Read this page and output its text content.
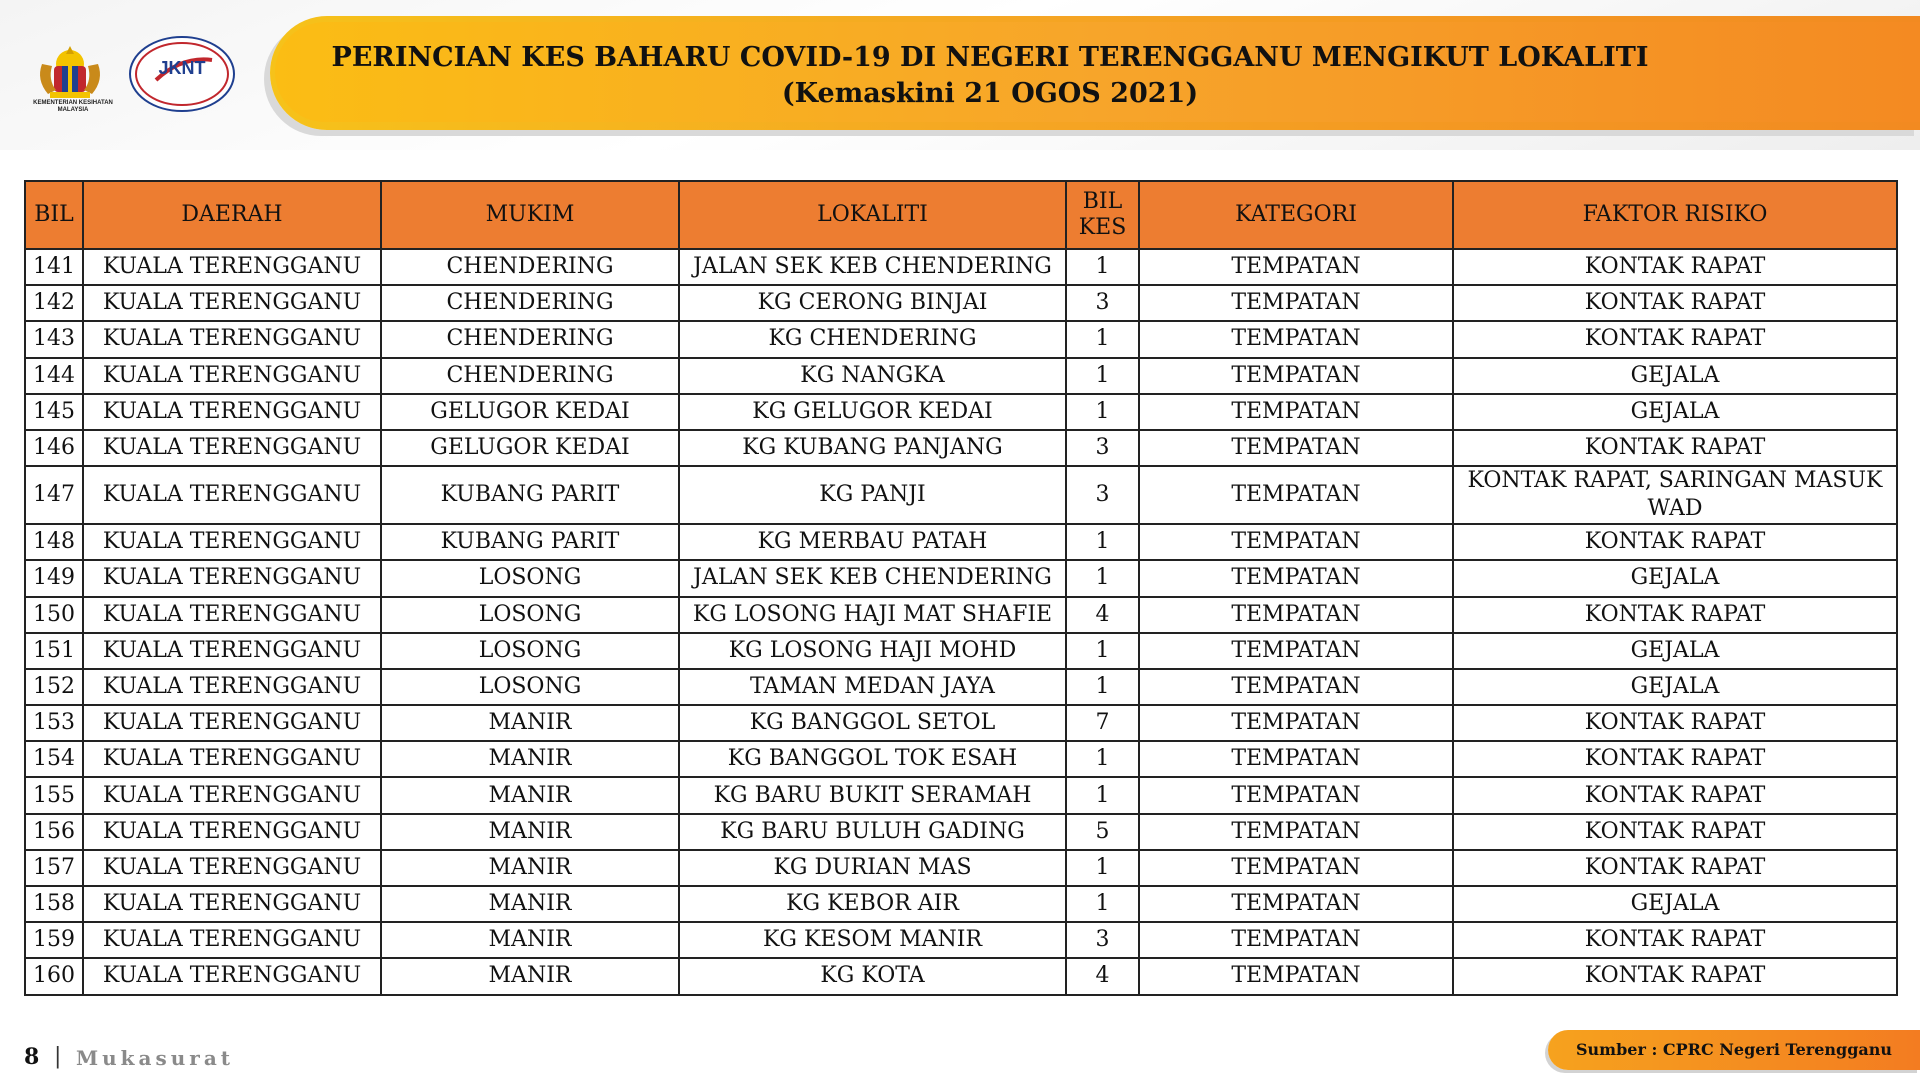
KEMENTERIAN KESIHATAN MALAYSIA
JKNT	PERINCIAN KES BAHARU COVID-19 DI NEGERI TERENGGANU MENGIKUT LOKALITI
(Kemaskini 21 OGOS 2021)
BIL	DAERAH	MUKIM	LOKALITI	BIL KES	KATEGORI	FAKTOR RISIKO
141	KUALA TERENGGANU	CHENDERING	JALAN SEK KEB CHENDERING	1	TEMPATAN	KONTAK RAPAT
142	KUALA TERENGGANU	CHENDERING	KG CERONG BINJAI	3	TEMPATAN	KONTAK RAPAT
143	KUALA TERENGGANU	CHENDERING	KG CHENDERING	1	TEMPATAN	KONTAK RAPAT
144	KUALA TERENGGANU	CHENDERING	KG NANGKA	1	TEMPATAN	GEJALA
145	KUALA TERENGGANU	GELUGOR KEDAI	KG GELUGOR KEDAI	1	TEMPATAN	GEJALA
146	KUALA TERENGGANU	GELUGOR KEDAI	KG KUBANG PANJANG	3	TEMPATAN	KONTAK RAPAT
147	KUALA TERENGGANU	KUBANG PARIT	KG PANJI	3	TEMPATAN	KONTAK RAPAT, SARINGAN MASUK WAD
148	KUALA TERENGGANU	KUBANG PARIT	KG MERBAU PATAH	1	TEMPATAN	KONTAK RAPAT
149	KUALA TERENGGANU	LOSONG	JALAN SEK KEB CHENDERING	1	TEMPATAN	GEJALA
150	KUALA TERENGGANU	LOSONG	KG LOSONG HAJI MAT SHAFIE	4	TEMPATAN	KONTAK RAPAT
151	KUALA TERENGGANU	LOSONG	KG LOSONG HAJI MOHD	1	TEMPATAN	GEJALA
152	KUALA TERENGGANU	LOSONG	TAMAN MEDAN JAYA	1	TEMPATAN	GEJALA
153	KUALA TERENGGANU	MANIR	KG BANGGOL SETOL	7	TEMPATAN	KONTAK RAPAT
154	KUALA TERENGGANU	MANIR	KG BANGGOL TOK ESAH	1	TEMPATAN	KONTAK RAPAT
155	KUALA TERENGGANU	MANIR	KG BARU BUKIT SERAMAH	1	TEMPATAN	KONTAK RAPAT
156	KUALA TERENGGANU	MANIR	KG BARU BULUH GADING	5	TEMPATAN	KONTAK RAPAT
157	KUALA TERENGGANU	MANIR	KG DURIAN MAS	1	TEMPATAN	KONTAK RAPAT
158	KUALA TERENGGANU	MANIR	KG KEBOR AIR	1	TEMPATAN	GEJALA
159	KUALA TERENGGANU	MANIR	KG KESOM MANIR	3	TEMPATAN	KONTAK RAPAT
160	KUALA TERENGGANU	MANIR	KG KOTA	4	TEMPATAN	KONTAK RAPAT
8 | Mukasurat	Sumber : CPRC Negeri Terengganu
